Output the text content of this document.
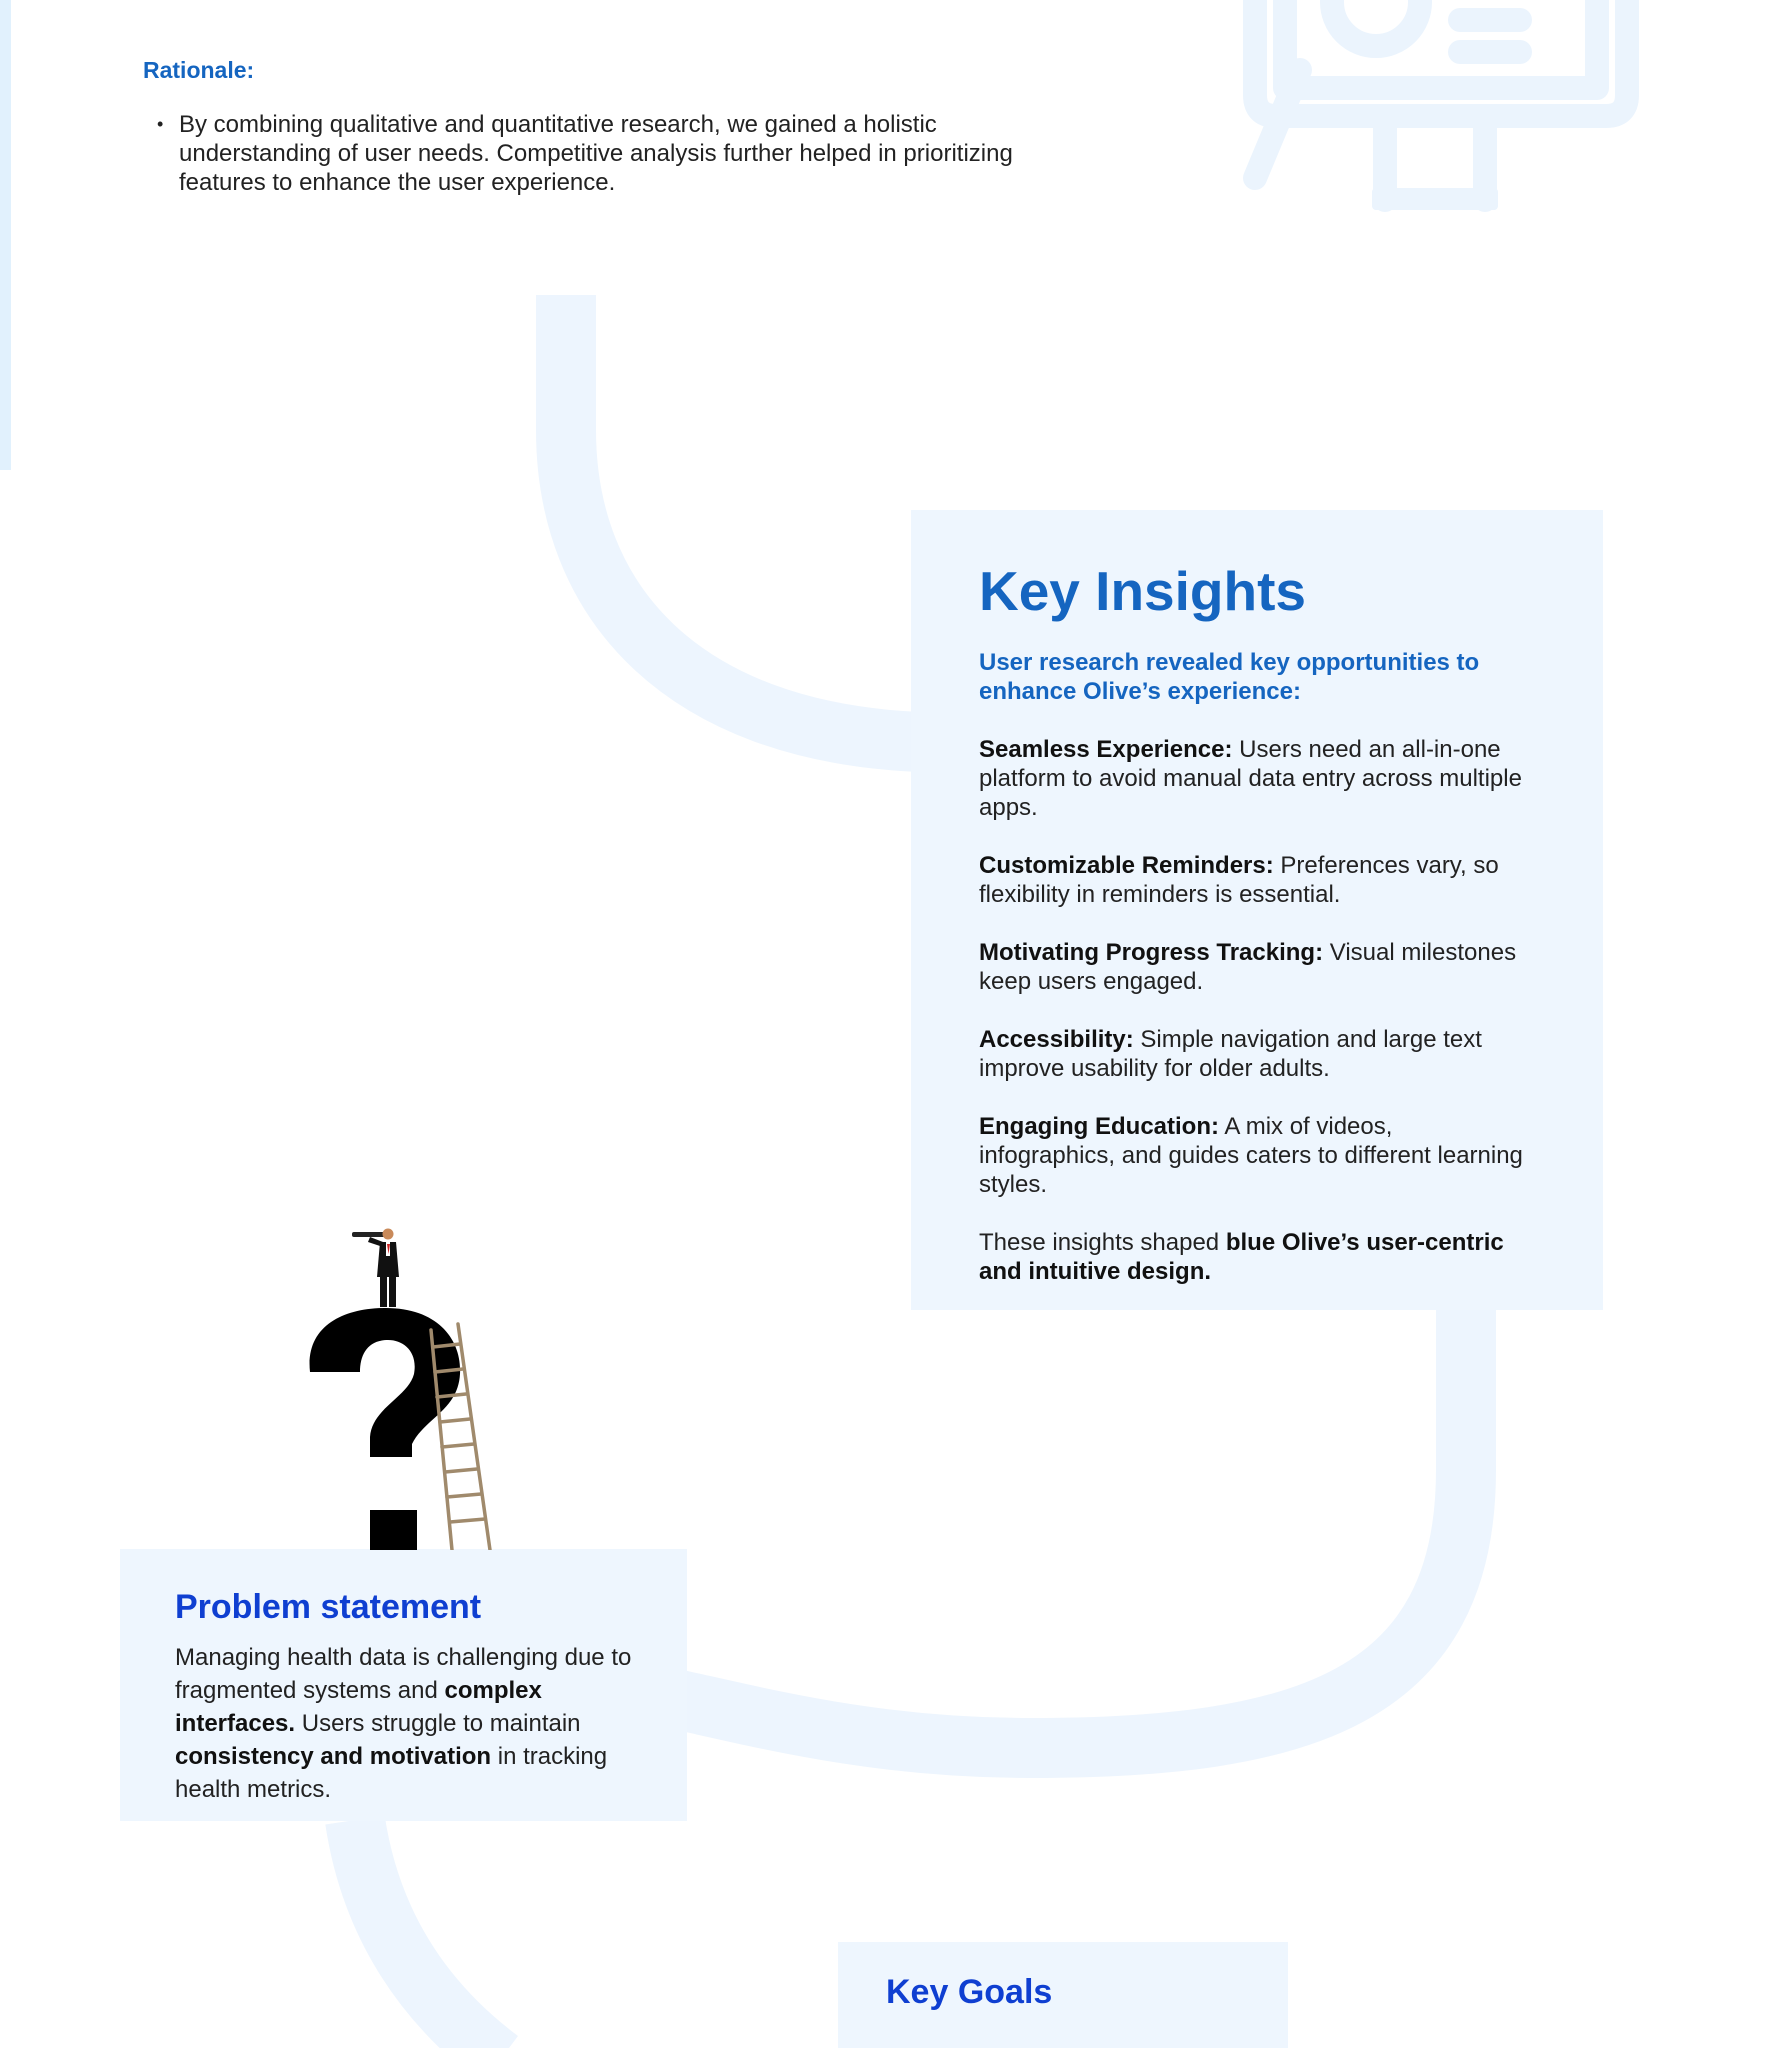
Rationale:
• By combining qualitative and quantitative research, we gained a holistic understanding of user needs. Competitive analysis further helped in prioritizing features to enhance the user experience.
Key Insights

User research revealed key opportunities to enhance Olive’s experience:

Seamless Experience: Users need an all-in-one platform to avoid manual data entry across multiple apps.

Customizable Reminders: Preferences vary, so flexibility in reminders is essential.

Motivating Progress Tracking: Visual milestones keep users engaged.

Accessibility: Simple navigation and large text improve usability for older adults.

Engaging Education: A mix of videos, infographics, and guides caters to different learning styles.

These insights shaped blue Olive’s user-centric and intuitive design.

Problem statement

Managing health data is challenging due to fragmented systems and complex interfaces. Users struggle to maintain consistency and motivation in tracking health metrics.

Key Goals
